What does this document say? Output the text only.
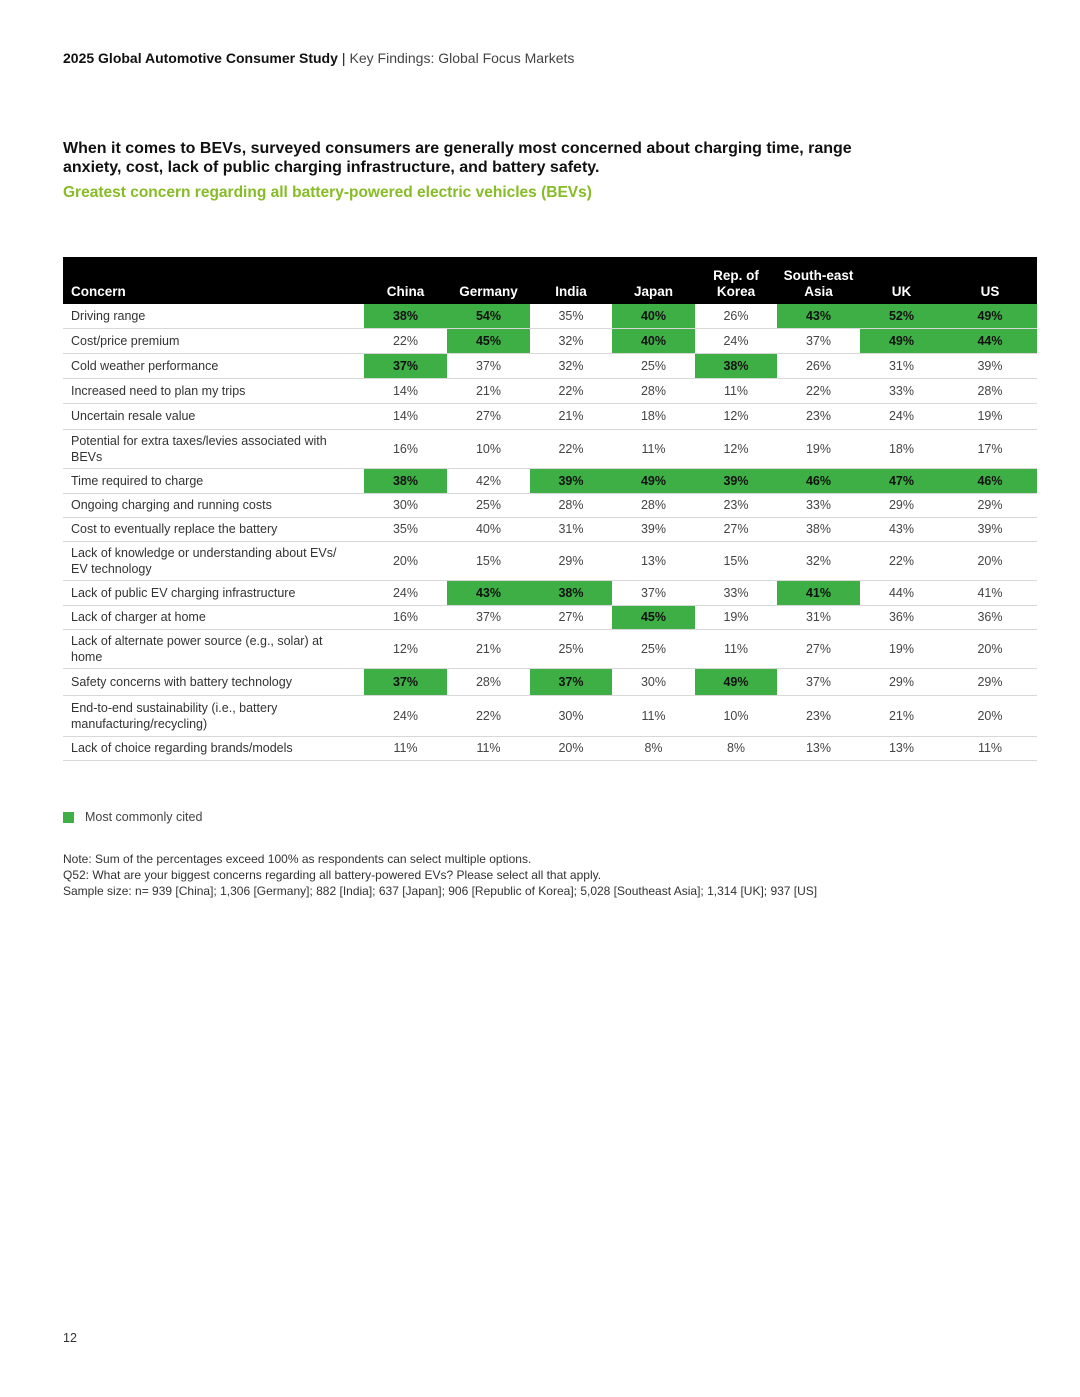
2025 Global Automotive Consumer Study | Key Findings: Global Focus Markets
When it comes to BEVs, surveyed consumers are generally most concerned about charging time, range anxiety, cost, lack of public charging infrastructure, and battery safety.
Greatest concern regarding all battery-powered electric vehicles (BEVs)
Concern	China	Germany	India	Japan	Rep. of Korea	South-east Asia	UK	US
Driving range	38%	54%	35%	40%	26%	43%	52%	49%
Cost/price premium	22%	45%	32%	40%	24%	37%	49%	44%
Cold weather performance	37%	37%	32%	25%	38%	26%	31%	39%
Increased need to plan my trips	14%	21%	22%	28%	11%	22%	33%	28%
Uncertain resale value	14%	27%	21%	18%	12%	23%	24%	19%
Potential for extra taxes/levies associated with BEVs	16%	10%	22%	11%	12%	19%	18%	17%
Time required to charge	38%	42%	39%	49%	39%	46%	47%	46%
Ongoing charging and running costs	30%	25%	28%	28%	23%	33%	29%	29%
Cost to eventually replace the battery	35%	40%	31%	39%	27%	38%	43%	39%
Lack of knowledge or understanding about EVs/ EV technology	20%	15%	29%	13%	15%	32%	22%	20%
Lack of public EV charging infrastructure	24%	43%	38%	37%	33%	41%	44%	41%
Lack of charger at home	16%	37%	27%	45%	19%	31%	36%	36%
Lack of alternate power source (e.g., solar) at home	12%	21%	25%	25%	11%	27%	19%	20%
Safety concerns with battery technology	37%	28%	37%	30%	49%	37%	29%	29%
End-to-end sustainability (i.e., battery manufacturing/recycling)	24%	22%	30%	11%	10%	23%	21%	20%
Lack of choice regarding brands/models	11%	11%	20%	8%	8%	13%	13%	11%
Most commonly cited
Note: Sum of the percentages exceed 100% as respondents can select multiple options.
Q52: What are your biggest concerns regarding all battery-powered EVs? Please select all that apply.
Sample size: n= 939 [China]; 1,306 [Germany]; 882 [India]; 637 [Japan]; 906 [Republic of Korea]; 5,028 [Southeast Asia]; 1,314 [UK]; 937 [US]
12
